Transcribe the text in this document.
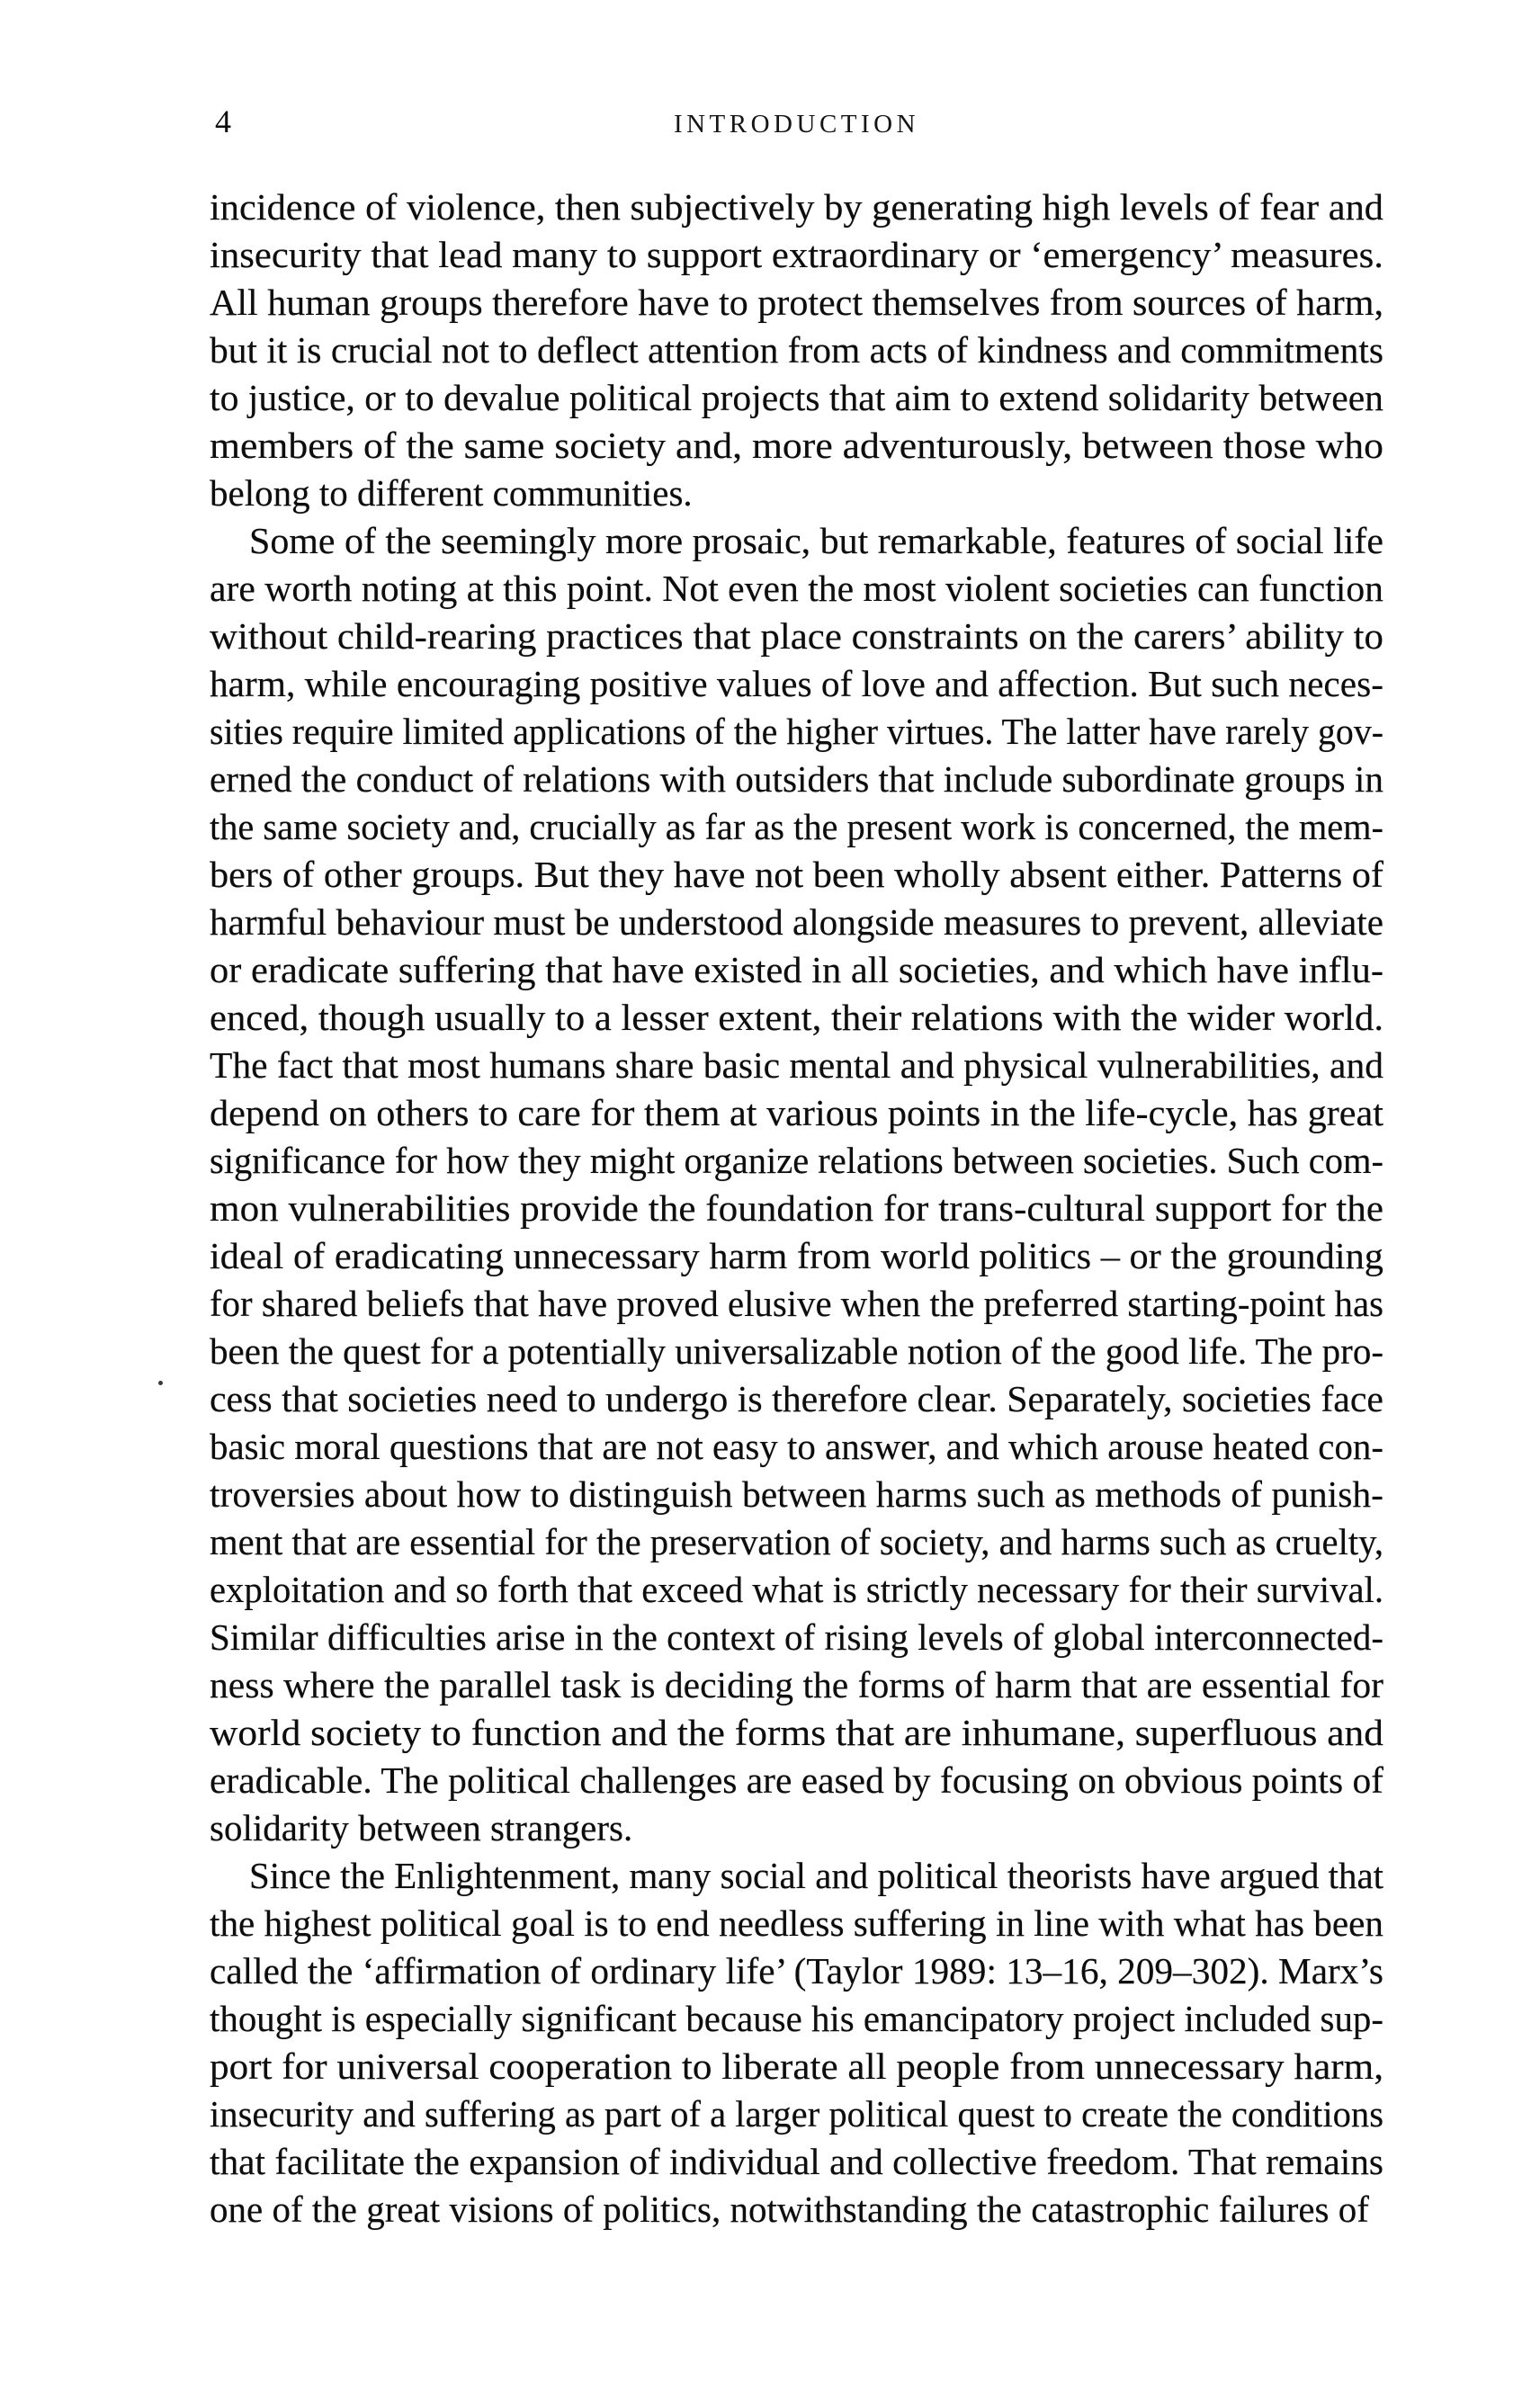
4	INTRODUCTION
incidence of violence, then subjectively by generating high levels of fear and
insecurity that lead many to support extraordinary or ‘emergency’ measures.
All human groups therefore have to protect themselves from sources of harm,
but it is crucial not to deflect attention from acts of kindness and commitments
to justice, or to devalue political projects that aim to extend solidarity between
members of the same society and, more adventurously, between those who
belong to different communities.
Some of the seemingly more prosaic, but remarkable, features of social life
are worth noting at this point. Not even the most violent societies can function
without child-rearing practices that place constraints on the carers’ ability to
harm, while encouraging positive values of love and affection. But such neces-
sities require limited applications of the higher virtues. The latter have rarely gov-
erned the conduct of relations with outsiders that include subordinate groups in
the same society and, crucially as far as the present work is concerned, the mem-
bers of other groups. But they have not been wholly absent either. Patterns of
harmful behaviour must be understood alongside measures to prevent, alleviate
or eradicate suffering that have existed in all societies, and which have influ-
enced, though usually to a lesser extent, their relations with the wider world.
The fact that most humans share basic mental and physical vulnerabilities, and
depend on others to care for them at various points in the life-cycle, has great
significance for how they might organize relations between societies. Such com-
mon vulnerabilities provide the foundation for trans-cultural support for the
ideal of eradicating unnecessary harm from world politics – or the grounding
for shared beliefs that have proved elusive when the preferred starting-point has
been the quest for a potentially universalizable notion of the good life. The pro-
cess that societies need to undergo is therefore clear. Separately, societies face
basic moral questions that are not easy to answer, and which arouse heated con-
troversies about how to distinguish between harms such as methods of punish-
ment that are essential for the preservation of society, and harms such as cruelty,
exploitation and so forth that exceed what is strictly necessary for their survival.
Similar difficulties arise in the context of rising levels of global interconnected-
ness where the parallel task is deciding the forms of harm that are essential for
world society to function and the forms that are inhumane, superfluous and
eradicable. The political challenges are eased by focusing on obvious points of
solidarity between strangers.
Since the Enlightenment, many social and political theorists have argued that
the highest political goal is to end needless suffering in line with what has been
called the ‘affirmation of ordinary life’ (Taylor 1989: 13–16, 209–302). Marx’s
thought is especially significant because his emancipatory project included sup-
port for universal cooperation to liberate all people from unnecessary harm,
insecurity and suffering as part of a larger political quest to create the conditions
that facilitate the expansion of individual and collective freedom. That remains
one of the great visions of politics, notwithstanding the catastrophic failures of
